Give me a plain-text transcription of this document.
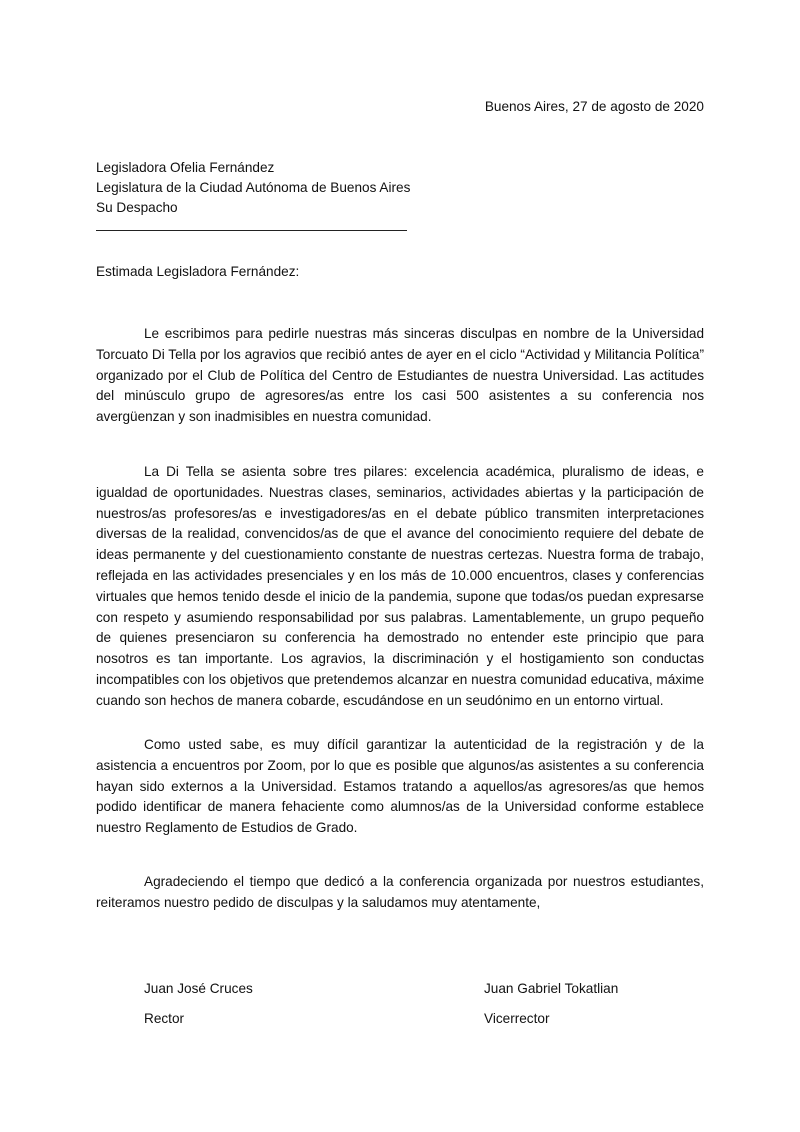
Buenos Aires, 27 de agosto de 2020
Legisladora Ofelia Fernández
Legislatura de la Ciudad Autónoma de Buenos Aires
Su Despacho
Estimada Legisladora Fernández:

Le escribimos para pedirle nuestras más sinceras disculpas en nombre de la Universidad Torcuato Di Tella por los agravios que recibió antes de ayer en el ciclo “Actividad y Militancia Política” organizado por el Club de Política del Centro de Estudiantes de nuestra Universidad. Las actitudes del minúsculo grupo de agresores/as entre los casi 500 asistentes a su conferencia nos avergüenzan y son inadmisibles en nuestra comunidad.

La Di Tella se asienta sobre tres pilares: excelencia académica, pluralismo de ideas, e igualdad de oportunidades. Nuestras clases, seminarios, actividades abiertas y la participación de nuestros/as profesores/as e investigadores/as en el debate público transmiten interpretaciones diversas de la realidad, convencidos/as de que el avance del conocimiento requiere del debate de ideas permanente y del cuestionamiento constante de nuestras certezas. Nuestra forma de trabajo, reflejada en las actividades presenciales y en los más de 10.000 encuentros, clases y conferencias virtuales que hemos tenido desde el inicio de la pandemia, supone que todas/os puedan expresarse con respeto y asumiendo responsabilidad por sus palabras. Lamentablemente, un grupo pequeño de quienes presenciaron su conferencia ha demostrado no entender este principio que para nosotros es tan importante. Los agravios, la discriminación y el hostigamiento son conductas incompatibles con los objetivos que pretendemos alcanzar en nuestra comunidad educativa, máxime cuando son hechos de manera cobarde, escudándose en un seudónimo en un entorno virtual.

Como usted sabe, es muy difícil garantizar la autenticidad de la registración y de la asistencia a encuentros por Zoom, por lo que es posible que algunos/as asistentes a su conferencia hayan sido externos a la Universidad. Estamos tratando a aquellos/as agresores/as que hemos podido identificar de manera fehaciente como alumnos/as de la Universidad conforme establece nuestro Reglamento de Estudios de Grado.

Agradeciendo el tiempo que dedicó a la conferencia organizada por nuestros estudiantes, reiteramos nuestro pedido de disculpas y la saludamos muy atentamente,

Juan José Cruces
Rector
Juan Gabriel Tokatlian
Vicerrector
